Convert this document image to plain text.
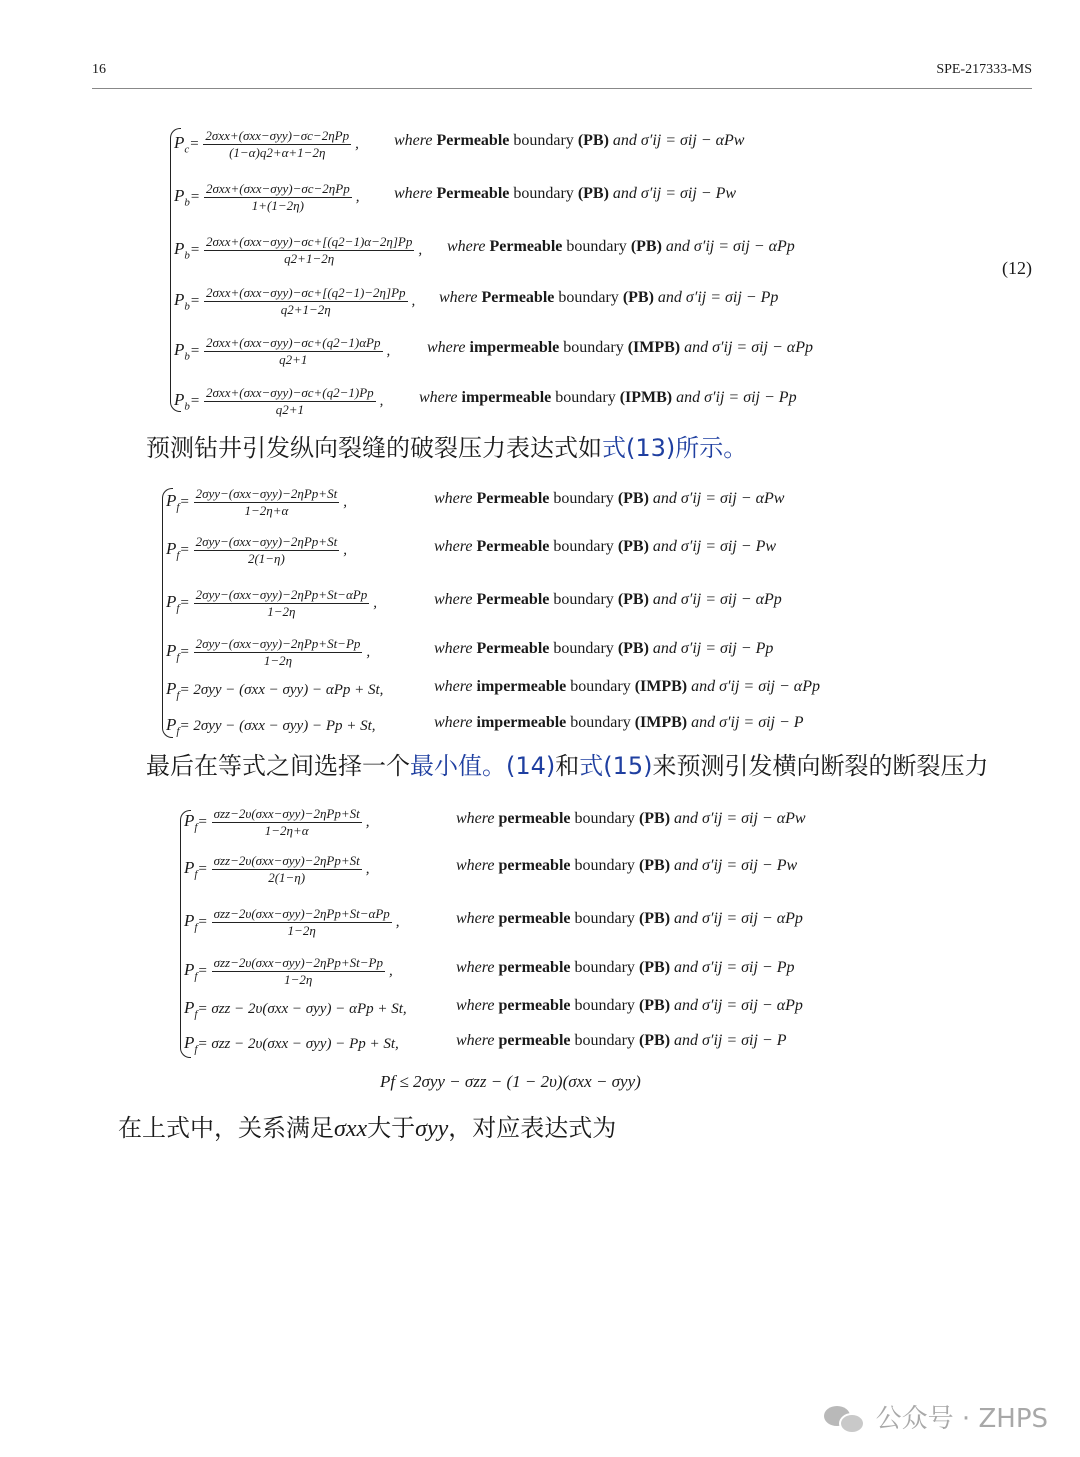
16	SPE-217333-MS
(12)
$P_c = \frac{\text{2σxx+(σxx−σyy)−σc−2ηPp}}{(1-\alpha)q2+\alpha+1-2\eta}$ , where Permeable boundary (PB) and σ′ij = σij − αPw
$P_b = \frac{\text{2σxx+(σxx−σyy)−σc−2ηPp}}{1+(1-2\eta)}$ , where Permeable boundary (PB) and σ′ij = σij − Pw
$P_b = \frac{\text{2σxx+(σxx−σyy)−σc+[(q2−1)α−2η]Pp}}{q2+1-2\eta}$ , where Permeable boundary (PB) and σ′ij = σij − αPp
$P_b = \frac{\text{2σxx+(σxx−σyy)−σc+[(q2−1)−2η]Pp}}{q2+1-2\eta}$ , where Permeable boundary (PB) and σ′ij = σij − Pp
$P_b = \frac{\text{2σxx+(σxx−σyy)−σc+(q2−1)αPp}}{q2+1}$ , where impermeable boundary (IMPB) and σ′ij = σij − αPp
$P_b = \frac{\text{2σxx+(σxx−σyy)−σc+(q2−1)Pp}}{q2+1}$ , where impermeable boundary (IPMB) and σ′ij = σij − Pp
预测钻井引发纵向裂缝的破裂压力表达式如式(13)所示。
$P_f = \frac{\text{2σyy−(σxx−σyy)−2ηPp+St}}{1-2\eta+\alpha}$ ,	where Permeable boundary (PB) and σ′ij = σij − αPw
$P_f = \frac{\text{2σyy−(σxx−σyy)−2ηPp+St}}{2(1-\eta)}$ ,	where Permeable boundary (PB) and σ′ij = σij − Pw
$P_f = \frac{\text{2σyy−(σxx−σyy)−2ηPp+St−αPp}}{1-2\eta}$ ,	where Permeable boundary (PB) and σ′ij = σij − αPp
$P_f = \frac{\text{2σyy−(σxx−σyy)−2ηPp+St−Pp}}{1-2\eta}$ ,	where Permeable boundary (PB) and σ′ij = σij − Pp
$P_f = 2\sigma yy - (\sigma xx - \sigma yy) - \alpha Pp + St$,	where impermeable boundary (IMPB) and σ′ij = σij − αPp
$P_f = 2\sigma yy - (\sigma xx - \sigma yy) - Pp + St$,	where impermeable boundary (IMPB) and σ′ij = σij − P
最后在等式之间选择一个最小值。(14)和式(15)来预测引发横向断裂的断裂压力
$P_f = \frac{\text{σzz−2υ(σxx−σyy)−2ηPp+St}}{1-2\eta+\alpha}$ ,	where permeable boundary (PB) and σ′ij = σij − αPw
$P_f = \frac{\text{σzz−2υ(σxx−σyy)−2ηPp+St}}{2(1-\eta)}$ ,	where permeable boundary (PB) and σ′ij = σij − Pw
$P_f = \frac{\text{σzz−2υ(σxx−σyy)−2ηPp+St−αPp}}{1-2\eta}$ ,	where permeable boundary (PB) and σ′ij = σij − αPp
$P_f = \frac{\text{σzz−2υ(σxx−σyy)−2ηPp+St−Pp}}{1-2\eta}$ ,	where permeable boundary (PB) and σ′ij = σij − Pp
$P_f = \sigma zz - 2\upsilon(\sigma xx - \sigma yy) - \alpha Pp + St$,	where permeable boundary (PB) and σ′ij = σij − αPp
$P_f = \sigma zz - 2\upsilon(\sigma xx - \sigma yy) - Pp + St$,	where permeable boundary (PB) and σ′ij = σij − P
Pf ≤ 2σyy − σzz − (1 − 2υ)(σxx − σyy)
在上式中，关系满足σxx大于σyy，对应表达式为
公众号 · ZHPS
